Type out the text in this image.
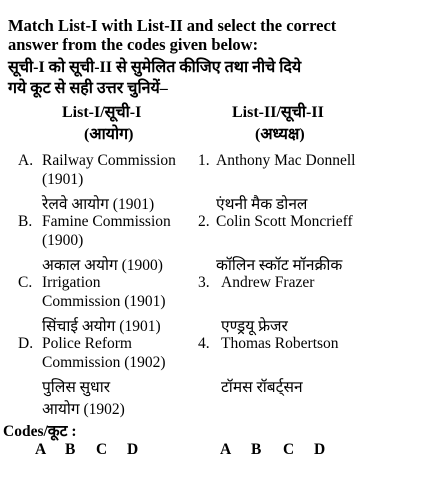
Match List-I with List-II and select the correct
answer from the codes given below:
सूची-I को सूची-II से सुमेलित कीजिए तथा नीचे दिये
गये कूट से सही उत्तर चुनियें–
List-I/सूची-I
(आयोग)
List-II/सूची-II
(अध्यक्ष)
A. Railway Commission
(1901)
रेलवे आयोग (1901)
1. Anthony Mac Donnell
एंथनी मैक डोनल
B. Famine Commission
(1900)
अकाल अयोग (1900)
2. Colin Scott Moncrieff
कॉलिन स्कॉट मॉनक्रीक
C. Irrigation
Commission (1901)
सिंचाई अयोग (1901)
3. Andrew Frazer
एण्ड्रयू फ्रेजर
D. Police Reform
Commission (1902)
पुलिस सुधार
आयोग (1902)
4. Thomas Robertson
टॉमस रॉबर्ट्सन
Codes/कूट :
A B C D	A B C D
